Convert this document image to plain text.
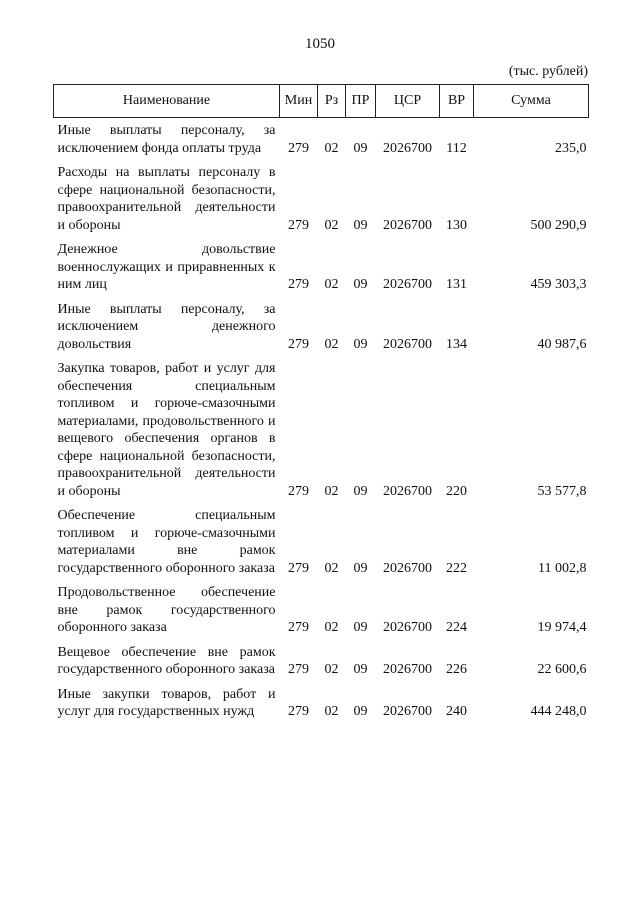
1050
(тыс. рублей)
Наименование	Мин	Рз	ПР	ЦСР	ВР	Сумма
Иные выплаты персоналу, за исключением фонда оплаты труда	279	02	09	2026700	112	235,0
Расходы на выплаты персоналу в сфере национальной безопасности, правоохранительной деятельности и обороны	279	02	09	2026700	130	500 290,9
Денежное довольствие военнослужащих и приравненных к ним лиц	279	02	09	2026700	131	459 303,3
Иные выплаты персоналу, за исключением денежного довольствия	279	02	09	2026700	134	40 987,6
Закупка товаров, работ и услуг для обеспечения специальным топливом и горюче-смазочными материалами, продовольственного и вещевого обеспечения органов в сфере национальной безопасности, правоохранительной деятельности и обороны	279	02	09	2026700	220	53 577,8
Обеспечение специальным топливом и горюче-смазочными материалами вне рамок государственного оборонного заказа	279	02	09	2026700	222	11 002,8
Продовольственное обеспечение вне рамок государственного оборонного заказа	279	02	09	2026700	224	19 974,4
Вещевое обеспечение вне рамок государственного оборонного заказа	279	02	09	2026700	226	22 600,6
Иные закупки товаров, работ и услуг для государственных нужд	279	02	09	2026700	240	444 248,0
